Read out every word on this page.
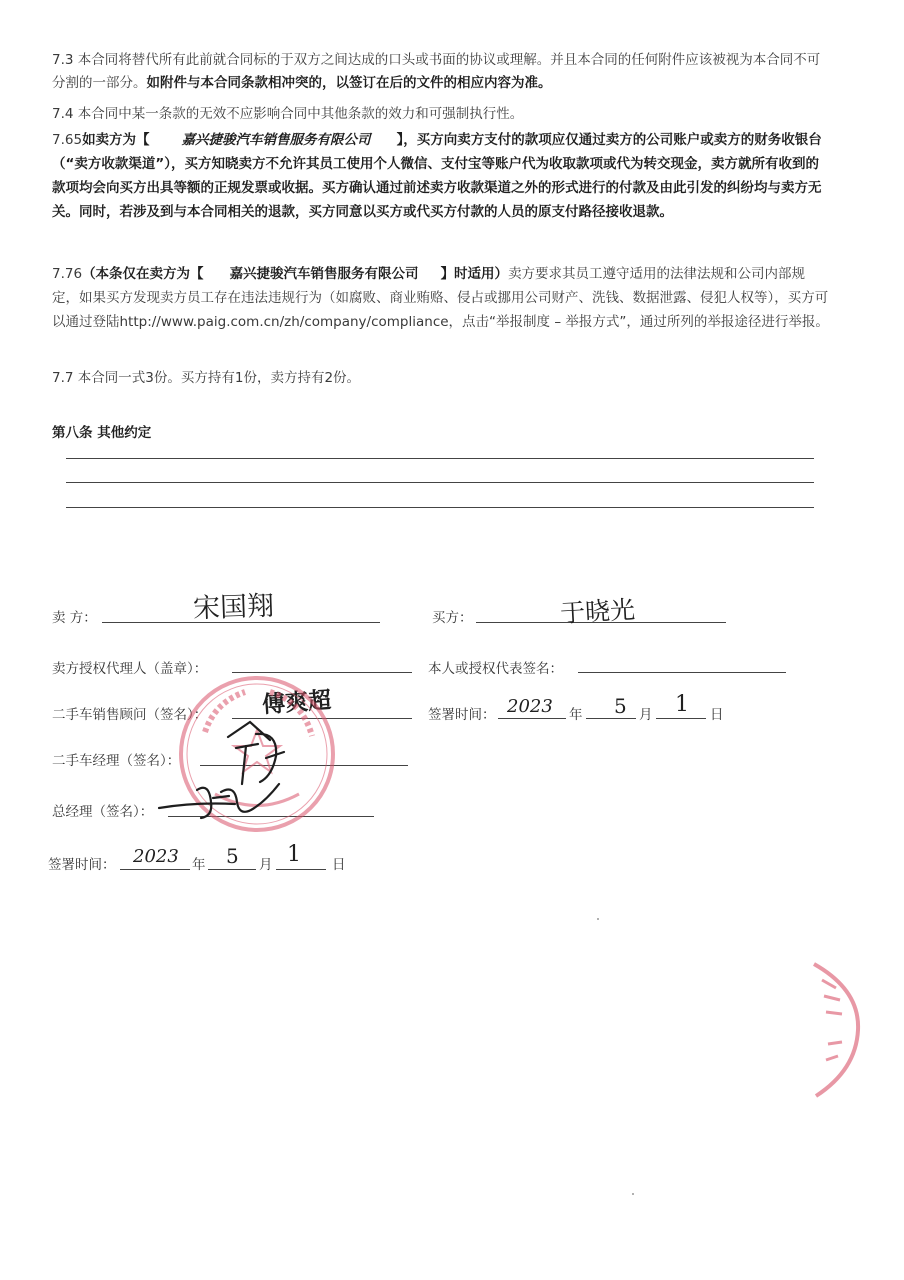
7.3 本合同将替代所有此前就合同标的于双方之间达成的口头或书面的协议或理解。并且本合同的任何附件应该被视为本合同不可分割的一部分。如附件与本合同条款相冲突的，以签订在后的文件的相应内容为准。
7.4 本合同中某一条款的无效不应影响合同中其他条款的效力和可强制执行性。
7.65如卖方为【 嘉兴捷骏汽车销售服务有限公司 】，买方向卖方支付的款项应仅通过卖方的公司账户或卖方的财务收银台（“卖方收款渠道”），买方知晓卖方不允许其员工使用个人微信、支付宝等账户代为收取款项或代为转交现金，卖方就所有收到的款项均会向买方出具等额的正规发票或收据。买方确认通过前述卖方收款渠道之外的形式进行的付款及由此引发的纠纷均与卖方无关。同时，若涉及到与本合同相关的退款，买方同意以买方或代买方付款的人员的原支付路径接收退款。
7.76（本条仅在卖方为【 嘉兴捷骏汽车销售服务有限公司 】时适用）卖方要求其员工遵守适用的法律法规和公司内部规定，如果买方发现卖方员工存在违法违规行为（如腐败、商业贿赂、侵占或挪用公司财产、洗钱、数据泄露、侵犯人权等），买方可以通过登陆http://www.paig.com.cn/zh/company/compliance，点击“举报制度 – 举报方式”，通过所列的举报途径进行举报。
7.7 本合同一式3份。买方持有1份，卖方持有2份。
第八条 其他约定
卖 方：	宋国翔	买方：	于晓光
卖方授权代理人（盖章）：	本人或授权代表签名：
二手车销售顾问（签名）： 傅爽超	签署时间： 2023 年 5 月 1 日
二手车经理（签名）：
总经理（签名）：
签署时间： 2023 年 5 月 1 日
